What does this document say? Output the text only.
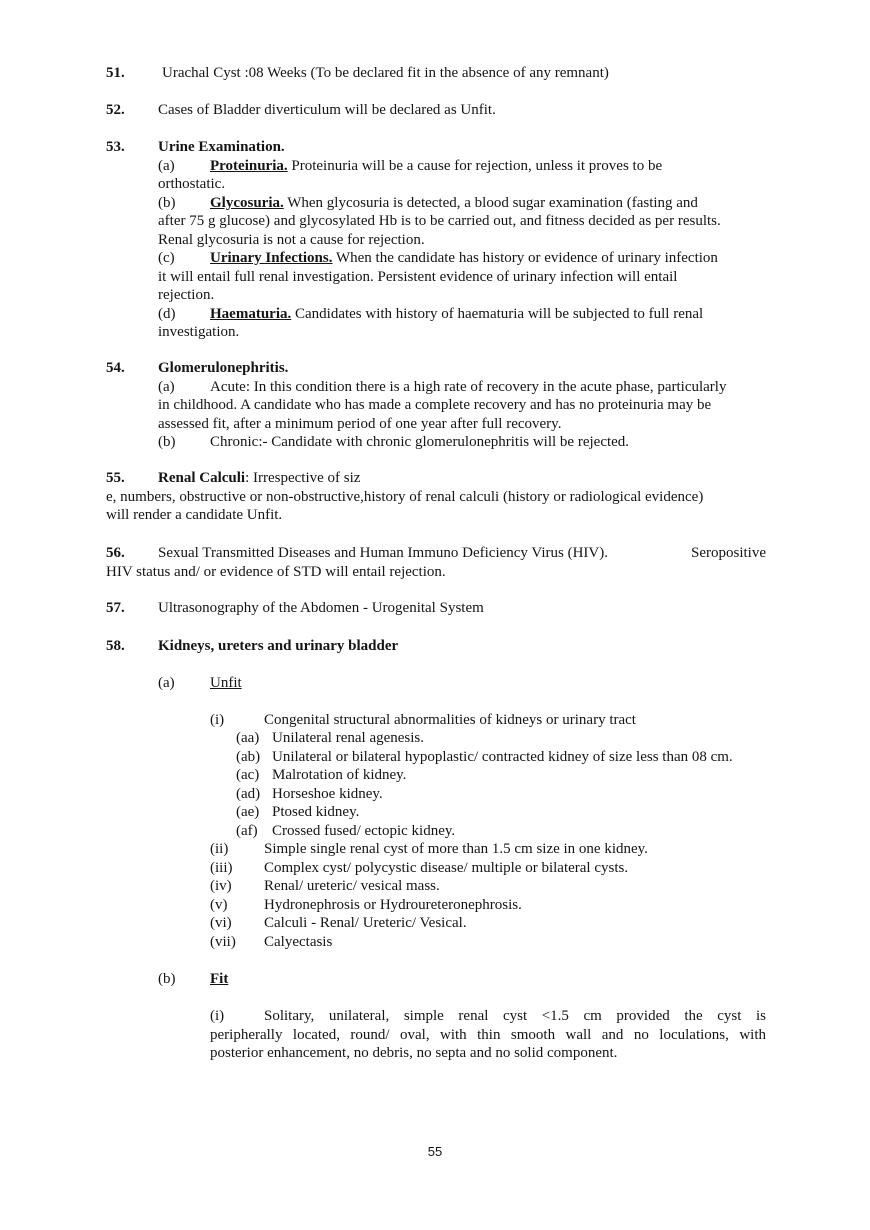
51. Urachal Cyst :08 Weeks (To be declared fit in the absence of any remnant)
52. Cases of Bladder diverticulum will be declared as Unfit.
53. Urine Examination.
(a) Proteinuria. Proteinuria will be a cause for rejection, unless it proves to be
orthostatic.
(b) Glycosuria. When glycosuria is detected, a blood sugar examination (fasting and
after 75 g glucose) and glycosylated Hb is to be carried out, and fitness decided as per results.
Renal glycosuria is not a cause for rejection.
(c) Urinary Infections. When the candidate has history or evidence of urinary infection
it will entail full renal investigation. Persistent evidence of urinary infection will entail
rejection.
(d) Haematuria. Candidates with history of haematuria will be subjected to full renal
investigation.
54. Glomerulonephritis.
(a) Acute: In this condition there is a high rate of recovery in the acute phase, particularly
in childhood. A candidate who has made a complete recovery and has no proteinuria may be
assessed fit, after a minimum period of one year after full recovery.
(b) Chronic:- Candidate with chronic glomerulonephritis will be rejected.
55. Renal Calculi: Irrespective of siz
e, numbers, obstructive or non-obstructive,history of renal calculi (history or radiological evidence)
will render a candidate Unfit.
56. Sexual Transmitted Diseases and Human Immuno Deficiency Virus (HIV).	Seropositive
HIV status and/ or evidence of STD will entail rejection.
57. Ultrasonography of the Abdomen - Urogenital System
58. Kidneys, ureters and urinary bladder
(a) Unfit
(i)	Congenital structural abnormalities of kidneys or urinary tract
(aa) Unilateral renal agenesis.
(ab) Unilateral or bilateral hypoplastic/ contracted kidney of size less than 08 cm.
(ac) Malrotation of kidney.
(ad) Horseshoe kidney.
(ae) Ptosed kidney.
(af) Crossed fused/ ectopic kidney.
(ii) Simple single renal cyst of more than 1.5 cm size in one kidney.
(iii) Complex cyst/ polycystic disease/ multiple or bilateral cysts.
(iv) Renal/ ureteric/ vesical mass.
(v) Hydronephrosis or Hydroureteronephrosis.
(vi) Calculi - Renal/ Ureteric/ Vesical.
(vii) Calyectasis
(b) Fit
(i)	Solitary, unilateral, simple renal cyst <1.5 cm provided the cyst is
peripherally located, round/ oval, with thin smooth wall and no loculations, with
posterior enhancement, no debris, no septa and no solid component.
55
